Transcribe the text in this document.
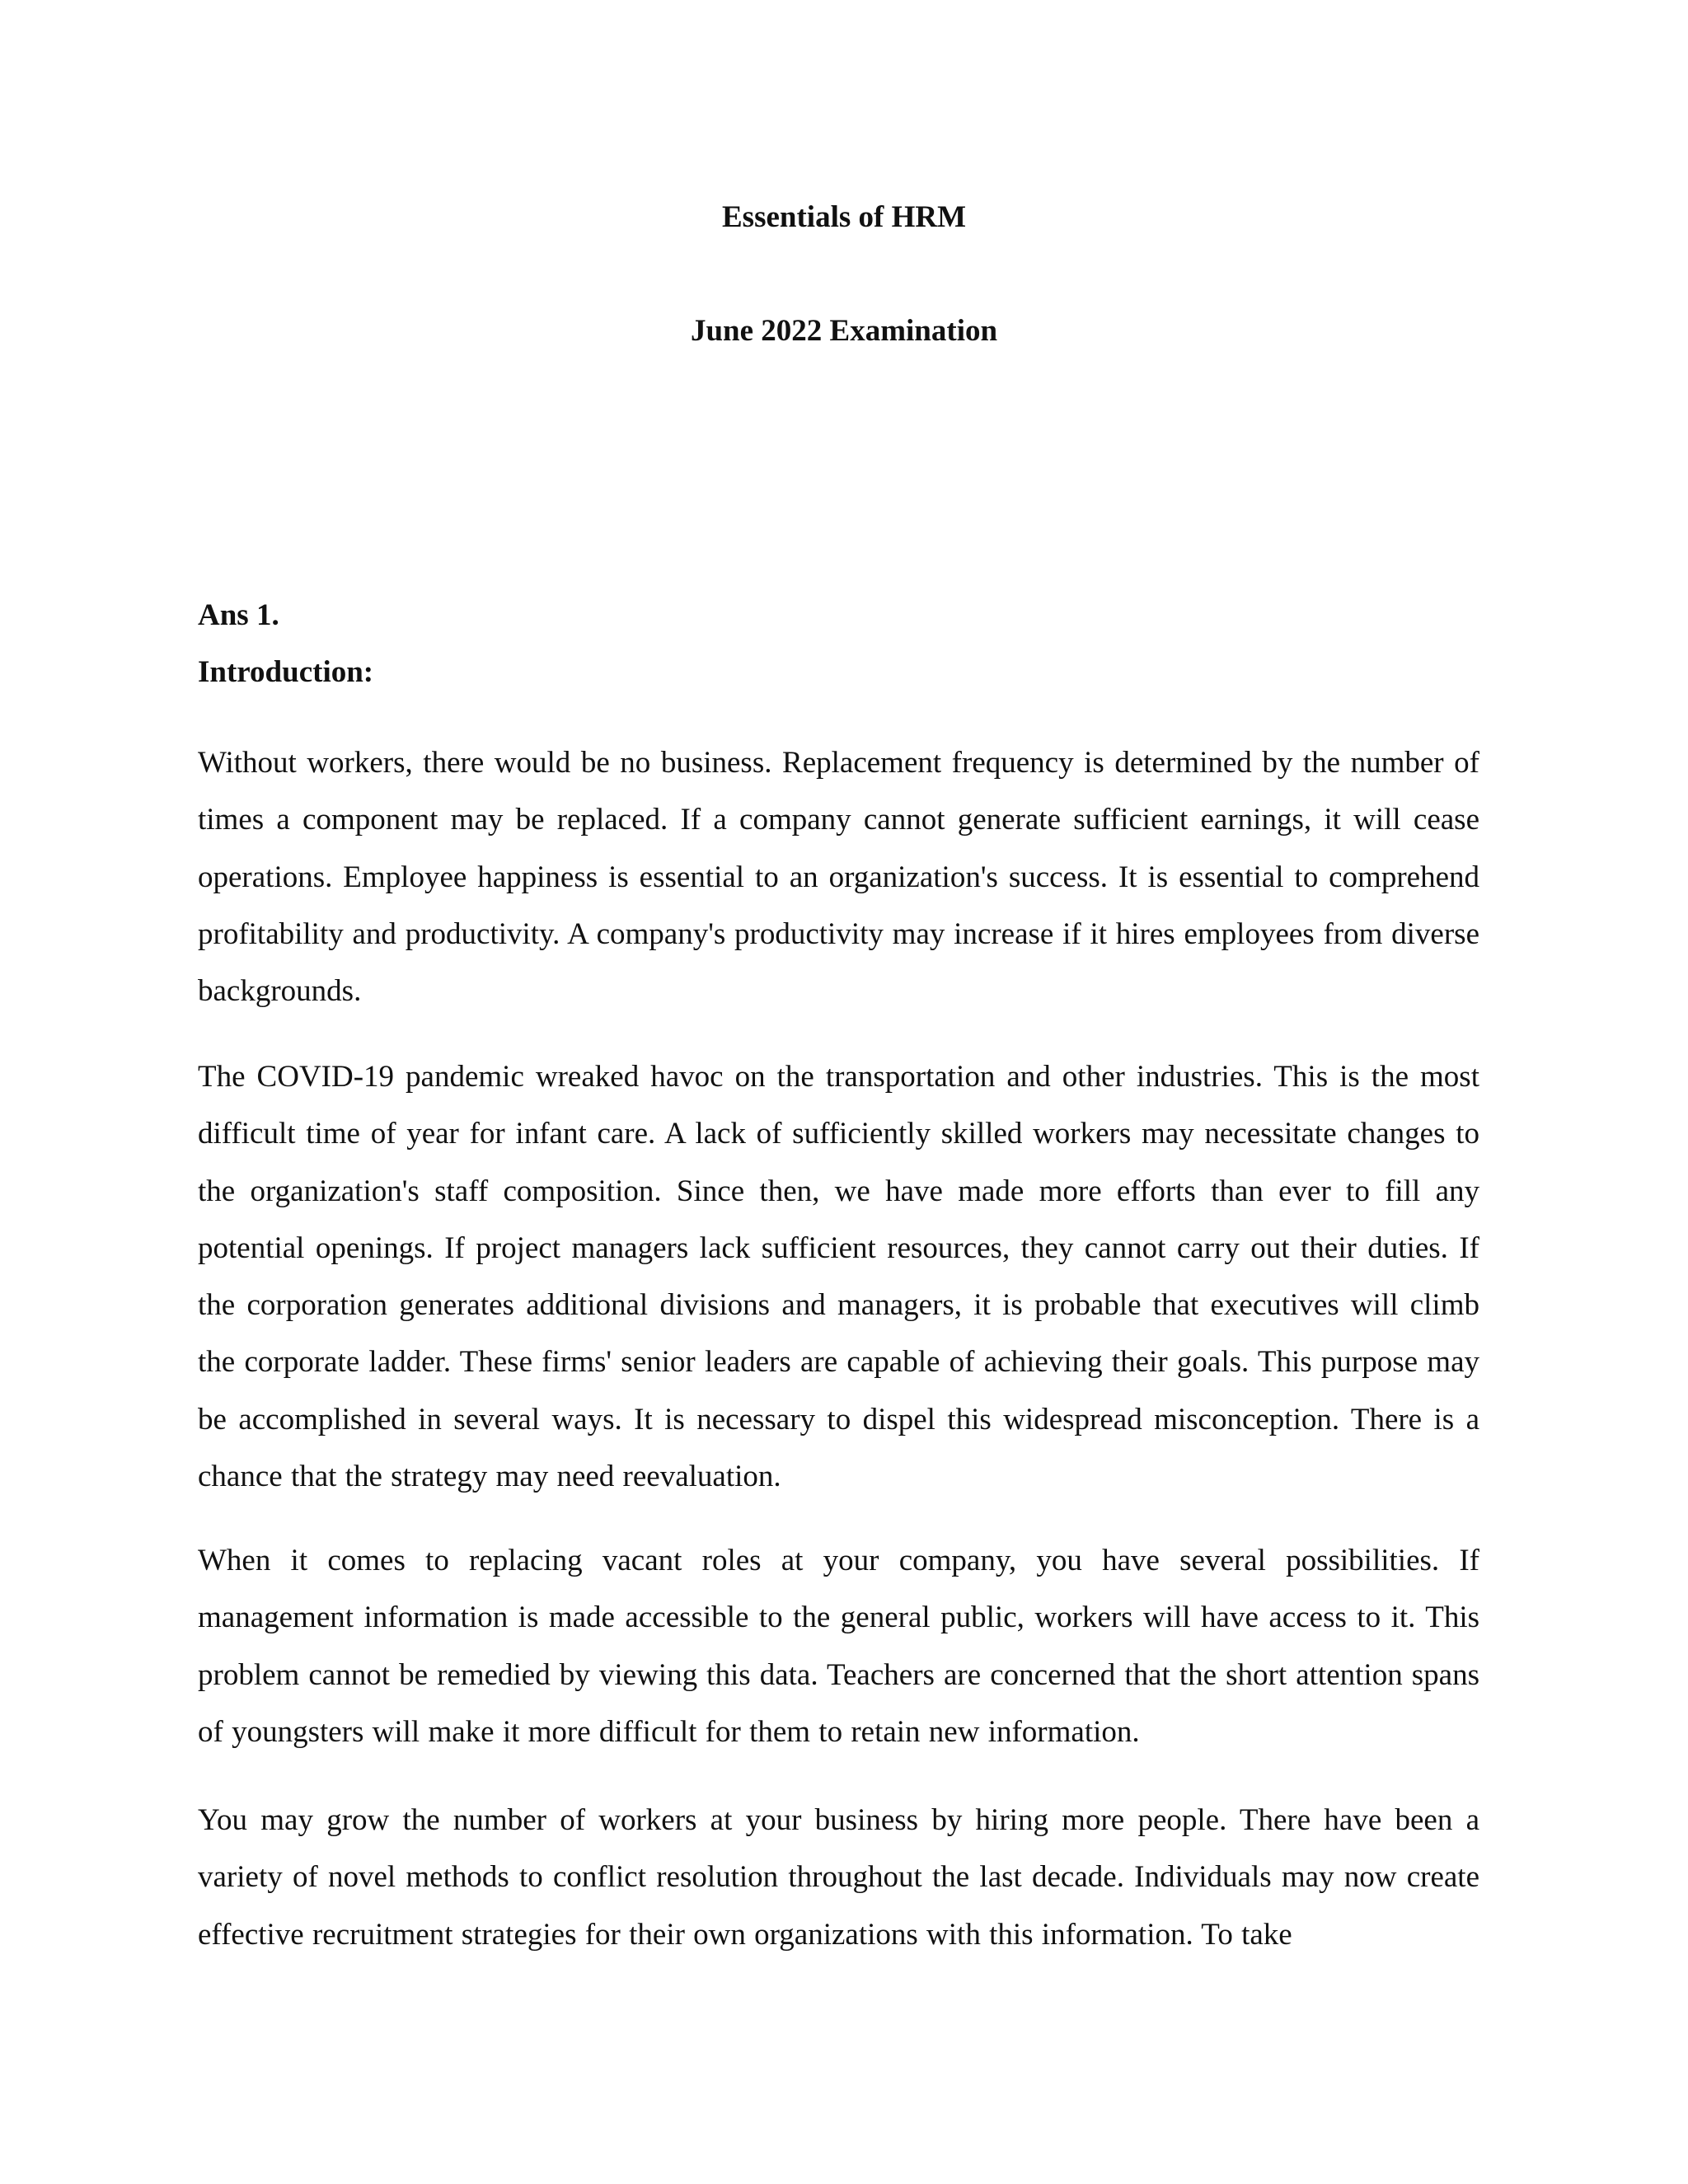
Essentials of HRM
June 2022 Examination
Ans 1.
Introduction:

Without workers, there would be no business. Replacement frequency is determined by the number of times a component may be replaced. If a company cannot generate sufficient earnings, it will cease operations. Employee happiness is essential to an organization's success. It is essential to comprehend profitability and productivity. A company's productivity may increase if it hires employees from diverse backgrounds.

The COVID-19 pandemic wreaked havoc on the transportation and other industries. This is the most difficult time of year for infant care. A lack of sufficiently skilled workers may necessitate changes to the organization's staff composition. Since then, we have made more efforts than ever to fill any potential openings. If project managers lack sufficient resources, they cannot carry out their duties. If the corporation generates additional divisions and managers, it is probable that executives will climb the corporate ladder. These firms' senior leaders are capable of achieving their goals. This purpose may be accomplished in several ways. It is necessary to dispel this widespread misconception. There is a chance that the strategy may need reevaluation.

When it comes to replacing vacant roles at your company, you have several possibilities. If management information is made accessible to the general public, workers will have access to it. This problem cannot be remedied by viewing this data. Teachers are concerned that the short attention spans of youngsters will make it more difficult for them to retain new information.

You may grow the number of workers at your business by hiring more people. There have been a variety of novel methods to conflict resolution throughout the last decade. Individuals may now create effective recruitment strategies for their own organizations with this information. To take
